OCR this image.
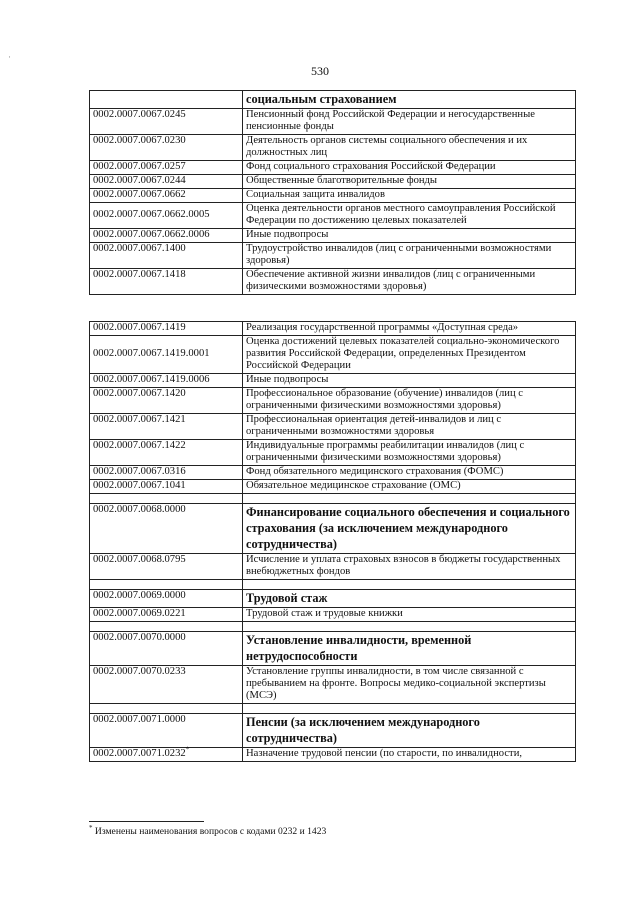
·
530
	социальным страхованием
0002.0007.0067.0245	Пенсионный фонд Российской Федерации и негосударственные пенсионные фонды
0002.0007.0067.0230	Деятельность органов системы социального обеспечения и их должностных лиц
0002.0007.0067.0257	Фонд социального страхования Российской Федерации
0002.0007.0067.0244	Общественные благотворительные фонды
0002.0007.0067.0662	Социальная защита инвалидов
0002.0007.0067.0662.0005	Оценка деятельности органов местного самоуправления Российской Федерации по достижению целевых показателей
0002.0007.0067.0662.0006	Иные подвопросы
0002.0007.0067.1400	Трудоустройство инвалидов (лиц с ограниченными возможностями здоровья)
0002.0007.0067.1418	Обеспечение активной жизни инвалидов (лиц с ограниченными физическими возможностями здоровья)
0002.0007.0067.1419	Реализация государственной программы «Доступная среда»
0002.0007.0067.1419.0001	Оценка достижений целевых показателей социально-экономического развития Российской Федерации, определенных Президентом Российской Федерации
0002.0007.0067.1419.0006	Иные подвопросы
0002.0007.0067.1420	Профессиональное образование (обучение) инвалидов (лиц с ограниченными физическими возможностями здоровья)
0002.0007.0067.1421	Профессиональная ориентация детей-инвалидов и лиц с ограниченными возможностями здоровья
0002.0007.0067.1422	Индивидуальные программы реабилитации инвалидов (лиц с ограниченными физическими возможностями здоровья)
0002.0007.0067.0316	Фонд обязательного медицинского страхования (ФОМС)
0002.0007.0067.1041	Обязательное медицинское страхование (ОМС)

0002.0007.0068.0000	Финансирование социального обеспечения и социального страхования (за исключением международного сотрудничества)
0002.0007.0068.0795	Исчисление и уплата страховых взносов в бюджеты государственных внебюджетных фондов

0002.0007.0069.0000	Трудовой стаж
0002.0007.0069.0221	Трудовой стаж и трудовые книжки

0002.0007.0070.0000	Установление инвалидности, временной нетрудоспособности
0002.0007.0070.0233	Установление группы инвалидности, в том числе связанной с пребыванием на фронте. Вопросы медико-социальной экспертизы (МСЭ)

0002.0007.0071.0000	Пенсии (за исключением международного сотрудничества)
0002.0007.0071.0232*	Назначение трудовой пенсии (по старости, по инвалидности,
* Изменены наименования вопросов с кодами 0232 и 1423
